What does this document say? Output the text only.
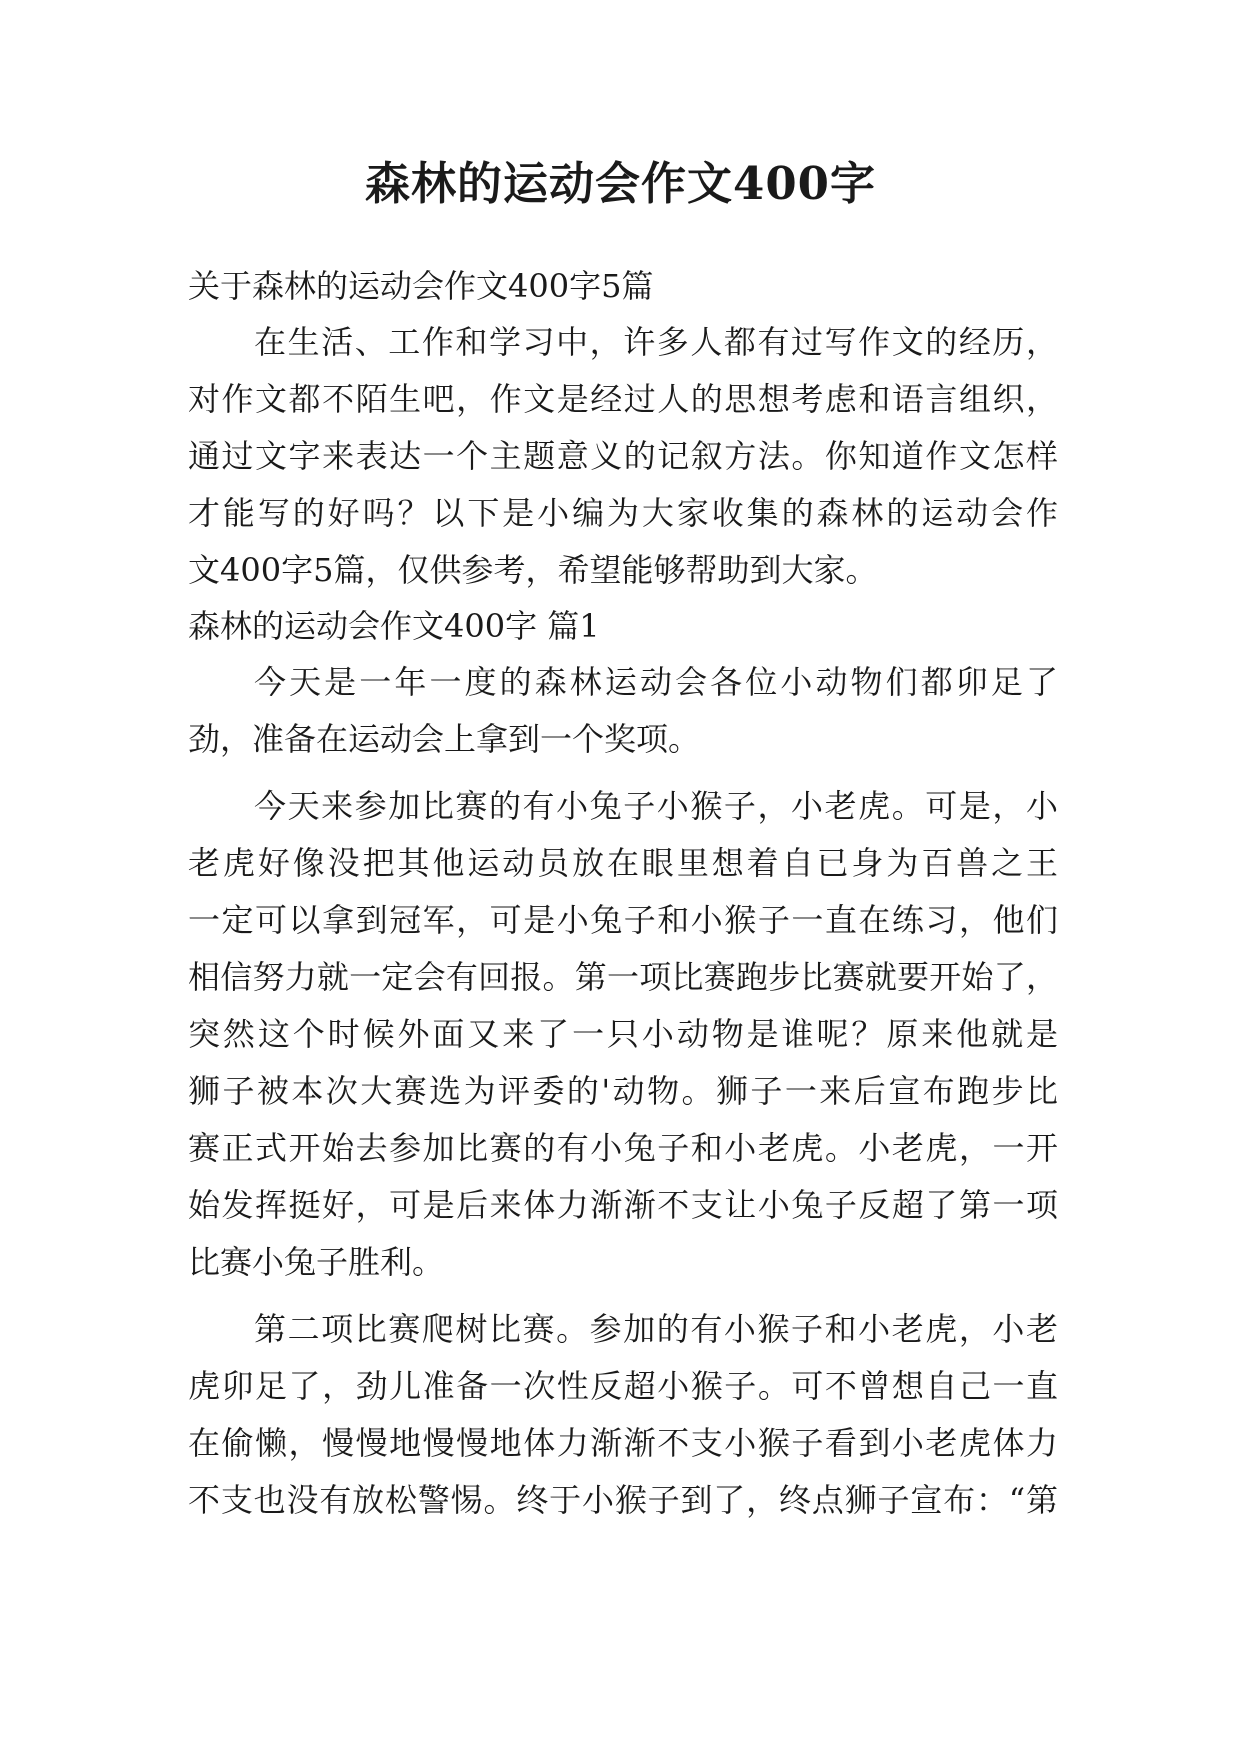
森林的运动会作文400字
关于森林的运动会作文400字5篇
在生活、工作和学习中，许多人都有过写作文的经历，
对作文都不陌生吧，作文是经过人的思想考虑和语言组织，
通过文字来表达一个主题意义的记叙方法。你知道作文怎样
才能写的好吗？以下是小编为大家收集的森林的运动会作
文400字5篇，仅供参考，希望能够帮助到大家。
森林的运动会作文400字 篇1
今天是一年一度的森林运动会各位小动物们都卯足了
劲，准备在运动会上拿到一个奖项。
今天来参加比赛的有小兔子小猴子，小老虎。可是，小
老虎好像没把其他运动员放在眼里想着自已身为百兽之王
一定可以拿到冠军，可是小兔子和小猴子一直在练习，他们
相信努力就一定会有回报。第一项比赛跑步比赛就要开始了，
突然这个时候外面又来了一只小动物是谁呢？原来他就是
狮子被本次大赛选为评委的'动物。狮子一来后宣布跑步比
赛正式开始去参加比赛的有小兔子和小老虎。小老虎，一开
始发挥挺好，可是后来体力渐渐不支让小兔子反超了第一项
比赛小兔子胜利。
第二项比赛爬树比赛。参加的有小猴子和小老虎，小老
虎卯足了，劲儿准备一次性反超小猴子。可不曾想自己一直
在偷懒，慢慢地慢慢地体力渐渐不支小猴子看到小老虎体力
不支也没有放松警惕。终于小猴子到了，终点狮子宣布：“第
